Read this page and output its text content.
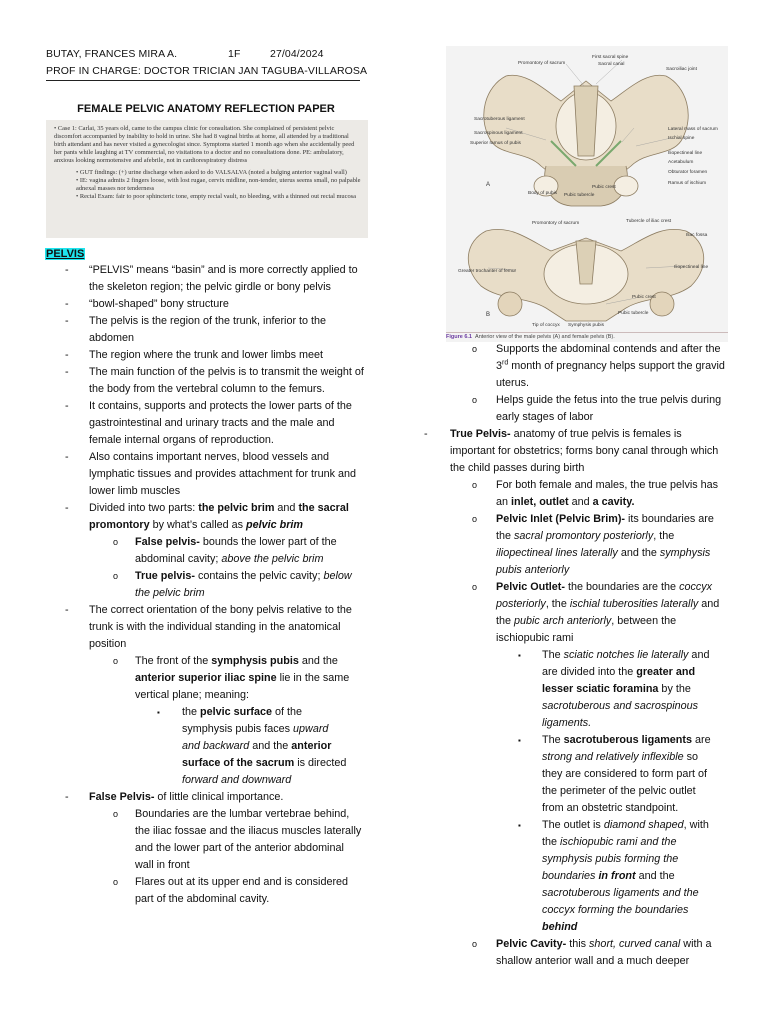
BUTAY, FRANCES MIRA A.	1F	27/04/2024
PROF IN CHARGE: DOCTOR TRICIAN JAN TAGUBA-VILLAROSA
FEMALE PELVIC ANATOMY REFLECTION PAPER

• Case 1: Carlai, 35 years old, came to the campus clinic for consultation. She complained of persistent pelvic discomfort accompanied by inability to hold in urine. She had 8 vaginal births at home, all attended by a traditional birth attendant and has never visited a gynecologist since. Symptoms started 1 month ago when she accidentally peed her pants while laughing at TV commercial, no visitations to a doctor and no consultations done. PE: ambulatory, anxious looking normotensive and afebrile, not in cardiorespiratory distress

• GUT findings: (+) urine discharge when asked to do VALSALVA (noted a bulging anterior vaginal wall)
• IE: vagina admits 2 fingers loose, with lost rugae, cervix midline, non-tender, uterus seems small, no palpable adnexal masses nor tenderness
• Rectal Exam: fair to poor sphincteric tone, empty rectal vault, no bleeding, with a thinned out rectal mucosa
PELVIS
- “PELVIS” means “basin” and is more correctly applied to the skeleton region; the pelvic girdle or bony pelvis
- “bowl-shaped” bony structure
- The pelvis is the region of the trunk, inferior to the abdomen
- The region where the trunk and lower limbs meet
- The main function of the pelvis is to transmit the weight of the body from the vertebral column to the femurs.
- It contains, supports and protects the lower parts of the gastrointestinal and urinary tracts and the male and female internal organs of reproduction.
- Also contains important nerves, blood vessels and lymphatic tissues and provides attachment for trunk and lower limb muscles
- Divided into two parts: the pelvic brim and the sacral promontory by what’s called as pelvic brim
o False pelvis- bounds the lower part of the abdominal cavity; above the pelvic brim
o True pelvis- contains the pelvic cavity; below the pelvic brim
- The correct orientation of the bony pelvis relative to the trunk is with the individual standing in the anatomical position
o The front of the symphysis pubis and the anterior superior iliac spine lie in the same vertical plane; meaning:
▪ the pelvic surface of the symphysis pubis faces upward and backward and the anterior surface of the sacrum is directed forward and downward
- False Pelvis- of little clinical importance.
o Boundaries are the lumbar vertebrae behind, the iliac fossae and the iliacus muscles laterally and the lower part of the anterior abdominal wall in front
o Flares out at its upper end and is considered part of the abdominal cavity.
First sacral spine
Sacral canal
Promontory of sacrum
Sacroiliac joint
Sacrotuberous ligament
Sacrospinous ligament
Superior ramus of pubis
Lateral mass of sacrum
Ischial spine
Iliopectineal line
Acetabulum
Obturator foramen
Ramus of ischium
Pubic crest
Body of pubis Pubic tubercle
A
Promontory of sacrum	Tubercle of iliac crest
Iliac fossa
Iliopectineal line
Greater trochanter of femur
Pubic crest
Pubic tubercle
Tip of coccyx Symphysis pubis
B
Figure 6.1 Anterior view of the male pelvis (A) and female pelvis (B).
o Supports the abdominal contends and after the 3rd month of pregnancy helps support the gravid uterus.
o Helps guide the fetus into the true pelvis during early stages of labor
- True Pelvis- anatomy of true pelvis is females is important for obstetrics; forms bony canal through which the child passes during birth
o For both female and males, the true pelvis has an inlet, outlet and a cavity.
o Pelvic Inlet (Pelvic Brim)- its boundaries are the sacral promontory posteriorly, the iliopectineal lines laterally and the symphysis pubis anteriorly
o Pelvic Outlet- the boundaries are the coccyx posteriorly, the ischial tuberosities laterally and the pubic arch anteriorly, between the ischiopubic rami
▪ The sciatic notches lie laterally and are divided into the greater and lesser sciatic foramina by the sacrotuberous and sacrospinous ligaments.
▪ The sacrotuberous ligaments are strong and relatively inflexible so they are considered to form part of the perimeter of the pelvic outlet from an obstetric standpoint.
▪ The outlet is diamond shaped, with the ischiopubic rami and the symphysis pubis forming the boundaries in front and the sacrotuberous ligaments and the coccyx forming the boundaries behind
o Pelvic Cavity- this short, curved canal with a shallow anterior wall and a much deeper
